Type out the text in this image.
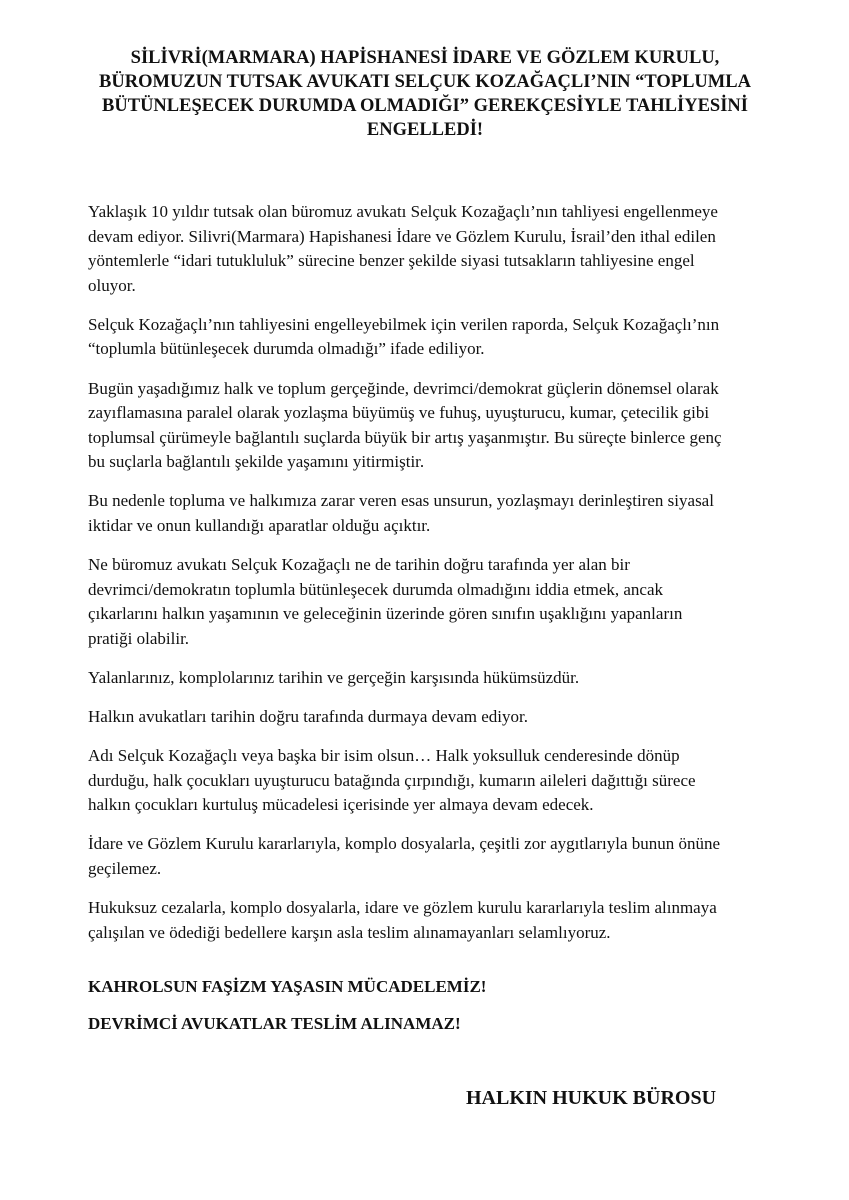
SİLİVRİ(MARMARA) HAPİSHANESİ İDARE VE GÖZLEM KURULU,
BÜROMUZUN TUTSAK AVUKATI SELÇUK KOZAĞAÇLI’NIN “TOPLUMLA
BÜTÜNLEŞECEK DURUMDA OLMADIĞI” GEREKÇESİYLE TAHLİYESİNİ
ENGELLEDİ!

Yaklaşık 10 yıldır tutsak olan büromuz avukatı Selçuk Kozağaçlı’nın tahliyesi engellenmeye
devam ediyor. Silivri(Marmara) Hapishanesi İdare ve Gözlem Kurulu, İsrail’den ithal edilen
yöntemlerle “idari tutukluluk” sürecine benzer şekilde siyasi tutsakların tahliyesine engel
oluyor.

Selçuk Kozağaçlı’nın tahliyesini engelleyebilmek için verilen raporda, Selçuk Kozağaçlı’nın
“toplumla bütünleşecek durumda olmadığı” ifade ediliyor.

Bugün yaşadığımız halk ve toplum gerçeğinde, devrimci/demokrat güçlerin dönemsel olarak
zayıflamasına paralel olarak yozlaşma büyümüş ve fuhuş, uyuşturucu, kumar, çetecilik gibi
toplumsal çürümeyle bağlantılı suçlarda büyük bir artış yaşanmıştır. Bu süreçte binlerce genç
bu suçlarla bağlantılı şekilde yaşamını yitirmiştir.

Bu nedenle topluma ve halkımıza zarar veren esas unsurun, yozlaşmayı derinleştiren siyasal
iktidar ve onun kullandığı aparatlar olduğu açıktır.

Ne büromuz avukatı Selçuk Kozağaçlı ne de tarihin doğru tarafında yer alan bir
devrimci/demokratın toplumla bütünleşecek durumda olmadığını iddia etmek, ancak
çıkarlarını halkın yaşamının ve geleceğinin üzerinde gören sınıfın uşaklığını yapanların
pratiği olabilir.

Yalanlarınız, komplolarınız tarihin ve gerçeğin karşısında hükümsüzdür.

Halkın avukatları tarihin doğru tarafında durmaya devam ediyor.

Adı Selçuk Kozağaçlı veya başka bir isim olsun… Halk yoksulluk cenderesinde dönüp
durduğu, halk çocukları uyuşturucu batağında çırpındığı, kumarın aileleri dağıttığı sürece
halkın çocukları kurtuluş mücadelesi içerisinde yer almaya devam edecek.

İdare ve Gözlem Kurulu kararlarıyla, komplo dosyalarla, çeşitli zor aygıtlarıyla bunun önüne
geçilemez.

Hukuksuz cezalarla, komplo dosyalarla, idare ve gözlem kurulu kararlarıyla teslim alınmaya
çalışılan ve ödediği bedellere karşın asla teslim alınamayanları selamlıyoruz.

KAHROLSUN FAŞİZM YAŞASIN MÜCADELEMİZ!
DEVRİMCİ AVUKATLAR TESLİM ALINAMAZ!
HALKIN HUKUK BÜROSU
